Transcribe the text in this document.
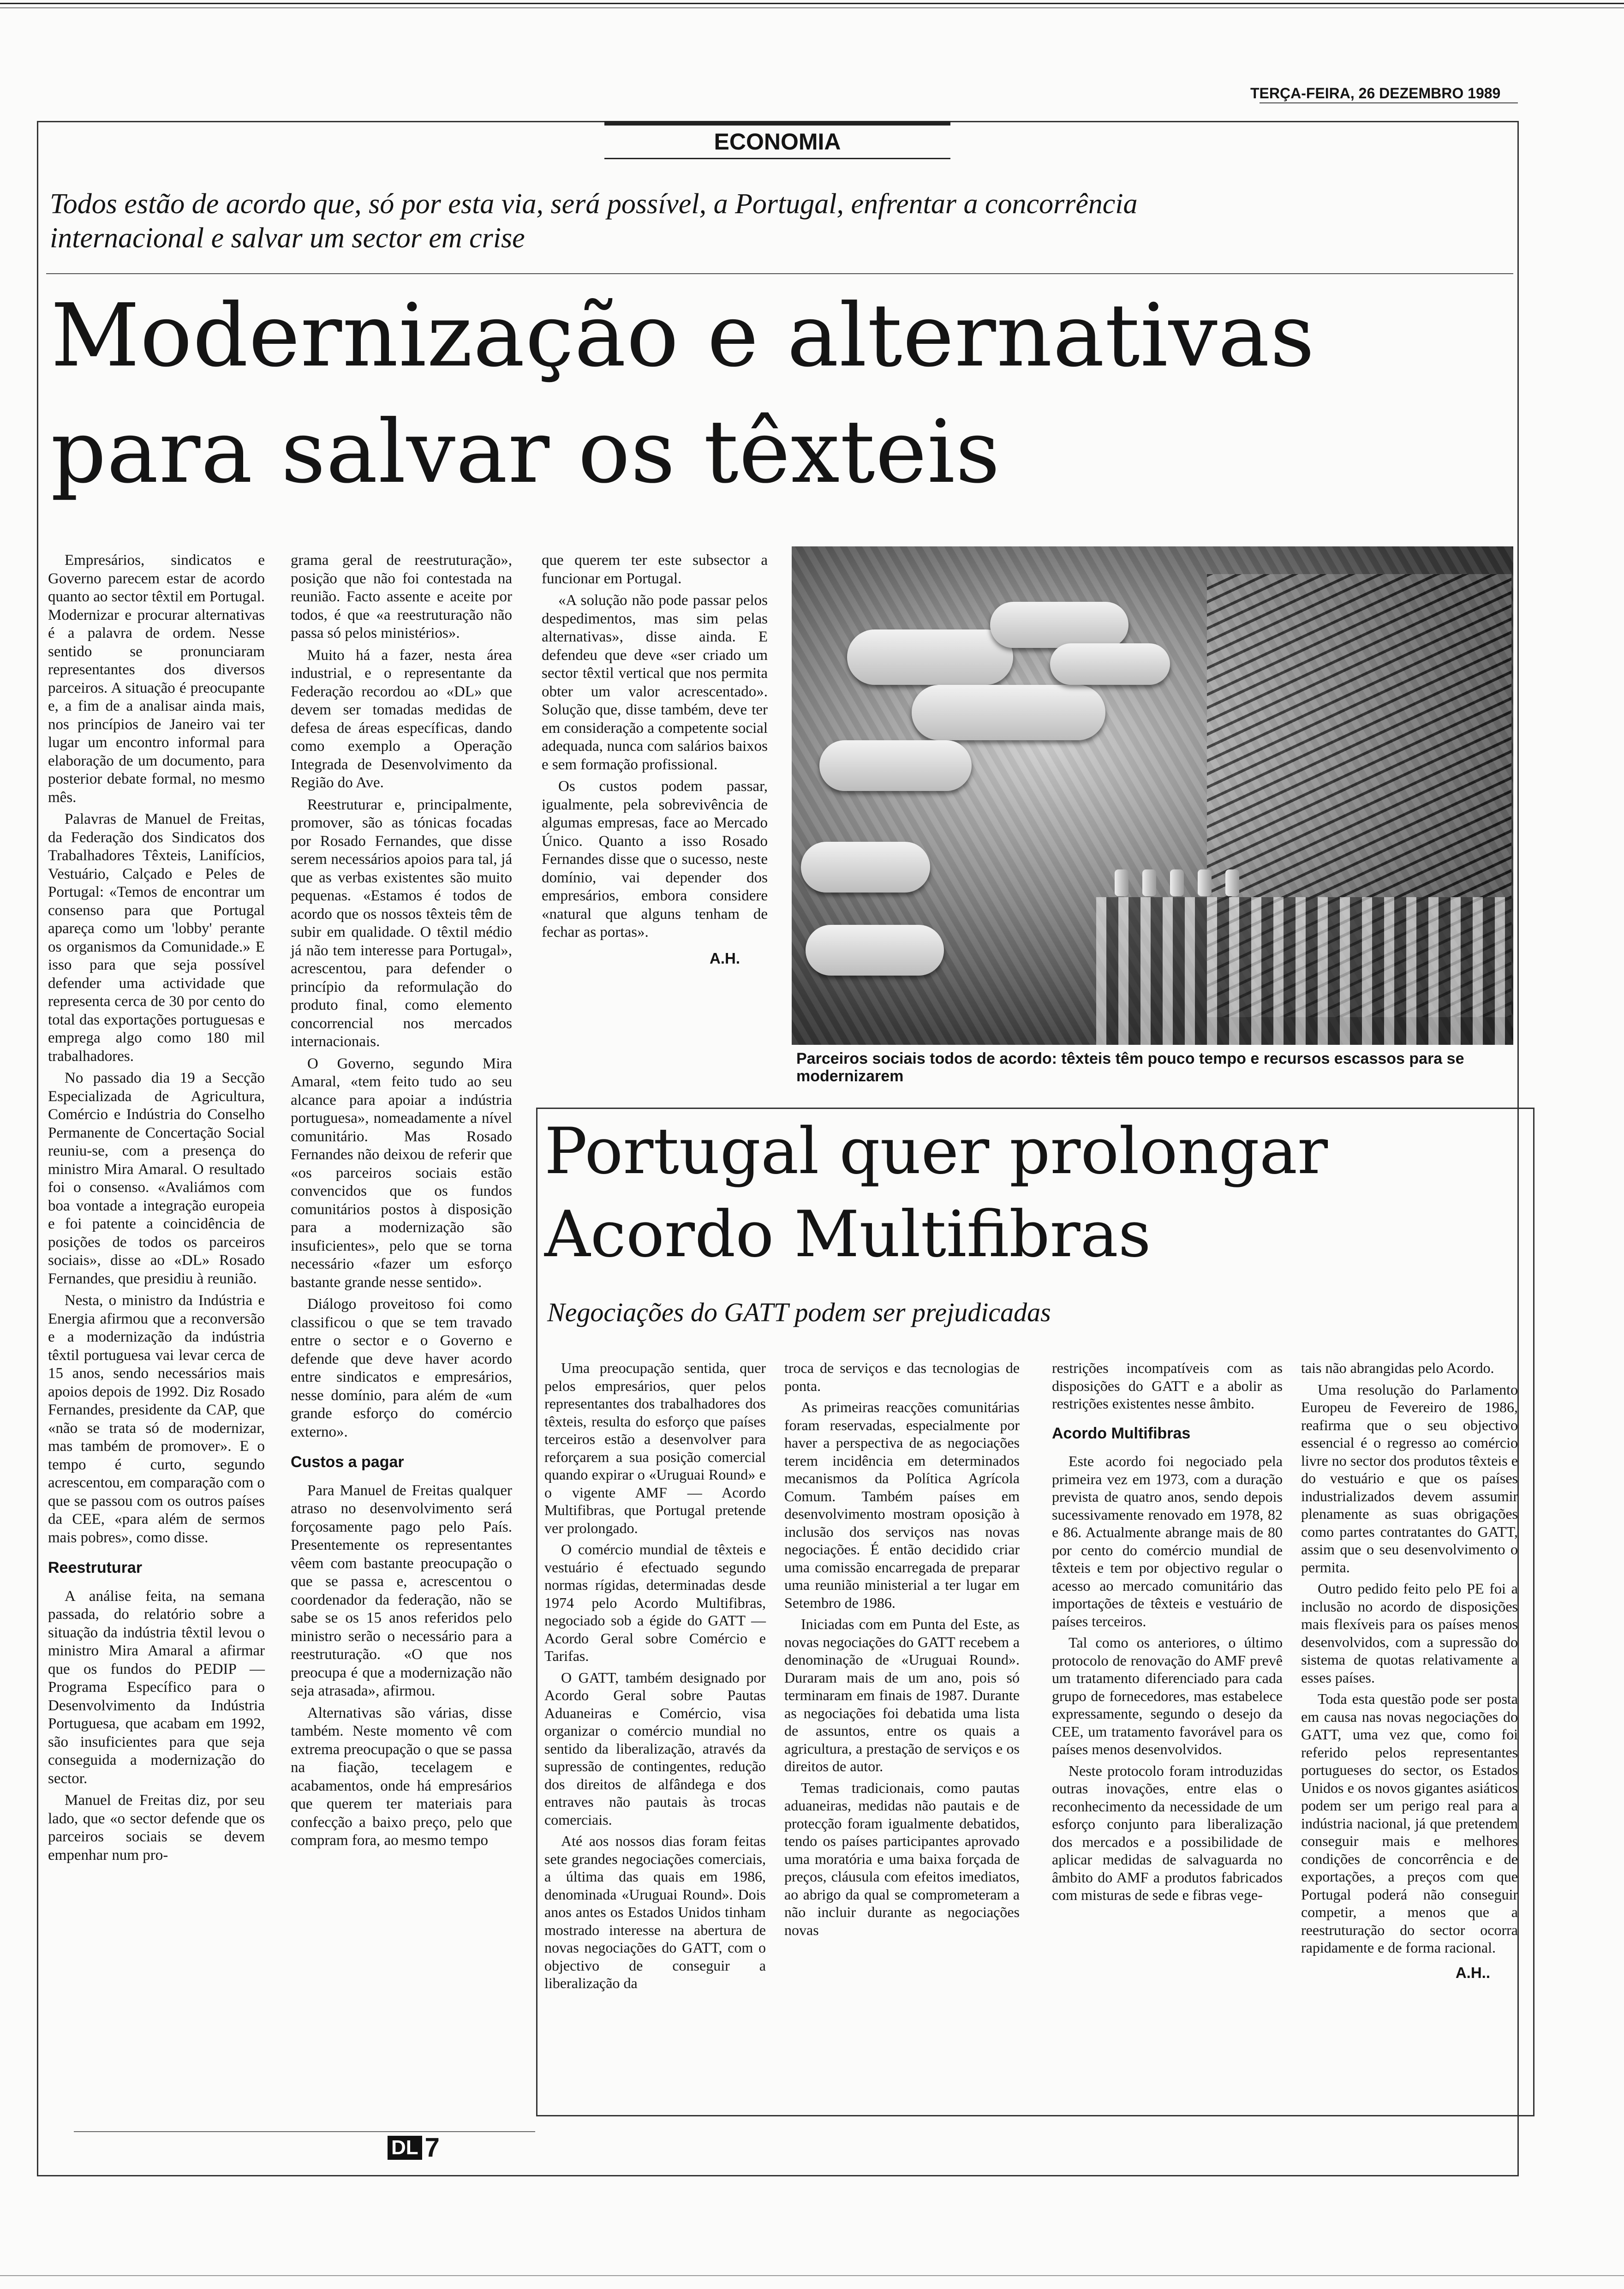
TERÇA-FEIRA, 26 DEZEMBRO 1989
ECONOMIA
Todos estão de acordo que, só por esta via, será possível, a Portugal, enfrentar a concorrência internacional e salvar um sector em crise
Modernização e alternativas
para salvar os têxteis

Empresários, sindicatos e Governo parecem estar de acordo quanto ao sector têxtil em Portugal. Modernizar e procurar alternativas é a palavra de ordem. Nesse sentido se pronunciaram representantes dos diversos parceiros. A situação é preocupante e, a fim de a analisar ainda mais, nos princípios de Janeiro vai ter lugar um encontro informal para elaboração de um documento, para posterior debate formal, no mesmo mês.

Palavras de Manuel de Freitas, da Federação dos Sindicatos dos Trabalhadores Têxteis, Lanifícios, Vestuário, Calçado e Peles de Portugal: «Temos de encontrar um consenso para que Portugal apareça como um 'lobby' perante os organismos da Comunidade.» E isso para que seja possível defender uma actividade que representa cerca de 30 por cento do total das exportações portuguesas e emprega algo como 180 mil trabalhadores.

No passado dia 19 a Secção Especializada de Agricultura, Comércio e Indústria do Conselho Permanente de Concertação Social reuniu-se, com a presença do ministro Mira Amaral. O resultado foi o consenso. «Avaliámos com boa vontade a integração europeia e foi patente a coincidência de posições de todos os parceiros sociais», disse ao «DL» Rosado Fernandes, que presidiu à reunião.

Nesta, o ministro da Indústria e Energia afirmou que a reconversão e a modernização da indústria têxtil portuguesa vai levar cerca de 15 anos, sendo necessários mais apoios depois de 1992. Diz Rosado Fernandes, presidente da CAP, que «não se trata só de modernizar, mas também de promover». E o tempo é curto, segundo acrescentou, em comparação com o que se passou com os outros países da CEE, «para além de sermos mais pobres», como disse.

Reestruturar

A análise feita, na semana passada, do relatório sobre a situação da indústria têxtil levou o ministro Mira Amaral a afirmar que os fundos do PEDIP — Programa Específico para o Desenvolvimento da Indústria Portuguesa, que acabam em 1992, são insuficientes para que seja conseguida a modernização do sector.

Manuel de Freitas diz, por seu lado, que «o sector defende que os parceiros sociais se devem empenhar num pro-

grama geral de reestruturação», posição que não foi contestada na reunião. Facto assente e aceite por todos, é que «a reestruturação não passa só pelos ministérios».

Muito há a fazer, nesta área industrial, e o representante da Federação recordou ao «DL» que devem ser tomadas medidas de defesa de áreas específicas, dando como exemplo a Operação Integrada de Desenvolvimento da Região do Ave.

Reestruturar e, principalmente, promover, são as tónicas focadas por Rosado Fernandes, que disse serem necessários apoios para tal, já que as verbas existentes são muito pequenas. «Estamos é todos de acordo que os nossos têxteis têm de subir em qualidade. O têxtil médio já não tem interesse para Portugal», acrescentou, para defender o princípio da reformulação do produto final, como elemento concorrencial nos mercados internacionais.

O Governo, segundo Mira Amaral, «tem feito tudo ao seu alcance para apoiar a indústria portuguesa», nomeadamente a nível comunitário. Mas Rosado Fernandes não deixou de referir que «os parceiros sociais estão convencidos que os fundos comunitários postos à disposição para a modernização são insuficientes», pelo que se torna necessário «fazer um esforço bastante grande nesse sentido».

Diálogo proveitoso foi como classificou o que se tem travado entre o sector e o Governo e defende que deve haver acordo entre sindicatos e empresários, nesse domínio, para além de «um grande esforço do comércio externo».

Custos a pagar

Para Manuel de Freitas qualquer atraso no desenvolvimento será forçosamente pago pelo País. Presentemente os representantes vêem com bastante preocupação o que se passa e, acrescentou o coordenador da federação, não se sabe se os 15 anos referidos pelo ministro serão o necessário para a reestruturação. «O que nos preocupa é que a modernização não seja atrasada», afirmou.

Alternativas são várias, disse também. Neste momento vê com extrema preocupação o que se passa na fiação, tecelagem e acabamentos, onde há empresários que querem ter materiais para confecção a baixo preço, pelo que compram fora, ao mesmo tempo

que querem ter este subsector a funcionar em Portugal.

«A solução não pode passar pelos despedimentos, mas sim pelas alternativas», disse ainda. E defendeu que deve «ser criado um sector têxtil vertical que nos permita obter um valor acrescentado». Solução que, disse também, deve ter em consideração a competente social adequada, nunca com salários baixos e sem formação profissional.

Os custos podem passar, igualmente, pela sobrevivência de algumas empresas, face ao Mercado Único. Quanto a isso Rosado Fernandes disse que o sucesso, neste domínio, vai depender dos empresários, embora considere «natural que alguns tenham de fechar as portas».

A.H.
Parceiros sociais todos de acordo: têxteis têm pouco tempo e recursos escassos para se modernizarem
Portugal quer prolongar
Acordo Multifibras
Negociações do GATT podem ser prejudicadas

Uma preocupação sentida, quer pelos empresários, quer pelos representantes dos trabalhadores dos têxteis, resulta do esforço que países terceiros estão a desenvolver para reforçarem a sua posição comercial quando expirar o «Uruguai Round» e o vigente AMF — Acordo Multifibras, que Portugal pretende ver prolongado.

O comércio mundial de têxteis e vestuário é efectuado segundo normas rígidas, determinadas desde 1974 pelo Acordo Multifibras, negociado sob a égide do GATT — Acordo Geral sobre Comércio e Tarifas.

O GATT, também designado por Acordo Geral sobre Pautas Aduaneiras e Comércio, visa organizar o comércio mundial no sentido da liberalização, através da supressão de contingentes, redução dos direitos de alfândega e dos entraves não pautais às trocas comerciais.

Até aos nossos dias foram feitas sete grandes negociações comerciais, a última das quais em 1986, denominada «Uruguai Round». Dois anos antes os Estados Unidos tinham mostrado interesse na abertura de novas negociações do GATT, com o objectivo de conseguir a liberalização da

troca de serviços e das tecnologias de ponta.

As primeiras reacções comunitárias foram reservadas, especialmente por haver a perspectiva de as negociações terem incidência em determinados mecanismos da Política Agrícola Comum. Também países em desenvolvimento mostram oposição à inclusão dos serviços nas novas negociações. É então decidido criar uma comissão encarregada de preparar uma reunião ministerial a ter lugar em Setembro de 1986.

Iniciadas com em Punta del Este, as novas negociações do GATT recebem a denominação de «Uruguai Round». Duraram mais de um ano, pois só terminaram em finais de 1987. Durante as negociações foi debatida uma lista de assuntos, entre os quais a agricultura, a prestação de serviços e os direitos de autor.

Temas tradicionais, como pautas aduaneiras, medidas não pautais e de protecção foram igualmente debatidos, tendo os países participantes aprovado uma moratória e uma baixa forçada de preços, cláusula com efeitos imediatos, ao abrigo da qual se comprometeram a não incluir durante as negociações novas

restrições incompatíveis com as disposições do GATT e a abolir as restrições existentes nesse âmbito.

Acordo Multifibras

Este acordo foi negociado pela primeira vez em 1973, com a duração prevista de quatro anos, sendo depois sucessivamente renovado em 1978, 82 e 86. Actualmente abrange mais de 80 por cento do comércio mundial de têxteis e tem por objectivo regular o acesso ao mercado comunitário das importações de têxteis e vestuário de países terceiros.

Tal como os anteriores, o último protocolo de renovação do AMF prevê um tratamento diferenciado para cada grupo de fornecedores, mas estabelece expressamente, segundo o desejo da CEE, um tratamento favorável para os países menos desenvolvidos.

Neste protocolo foram introduzidas outras inovações, entre elas o reconhecimento da necessidade de um esforço conjunto para liberalização dos mercados e a possibilidade de aplicar medidas de salvaguarda no âmbito do AMF a produtos fabricados com misturas de sede e fibras vege-

tais não abrangidas pelo Acordo.

Uma resolução do Parlamento Europeu de Fevereiro de 1986, reafirma que o seu objectivo essencial é o regresso ao comércio livre no sector dos produtos têxteis e do vestuário e que os países industrializados devem assumir plenamente as suas obrigações como partes contratantes do GATT, assim que o seu desenvolvimento o permita.

Outro pedido feito pelo PE foi a inclusão no acordo de disposições mais flexíveis para os países menos desenvolvidos, com a supressão do sistema de quotas relativamente a esses países.

Toda esta questão pode ser posta em causa nas novas negociações do GATT, uma vez que, como foi referido pelos representantes portugueses do sector, os Estados Unidos e os novos gigantes asiáticos podem ser um perigo real para a indústria nacional, já que pretendem conseguir mais e melhores condições de concorrência e de exportações, a preços com que Portugal poderá não conseguir competir, a menos que a reestruturação do sector ocorra rapidamente e de forma racional.

A.H..
DL 7
